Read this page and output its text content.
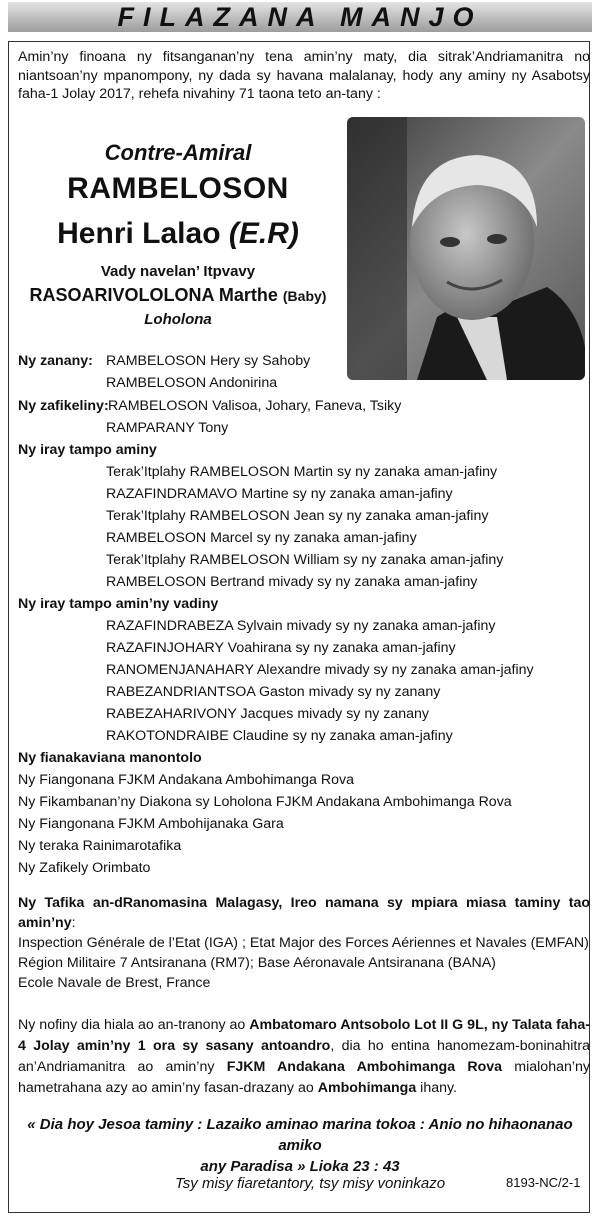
FILAZANA MANJO
Amin’ny finoana ny fitsanganan’ny tena amin’ny maty, dia sitrak’Andriamanitra no niantsoan’ny mpanompony, ny dada sy havana malalanay, hody any aminy ny Asabotsy faha-1 Jolay 2017, rehefa nivahiny 71 taona teto an-tany :
Contre-Amiral
RAMBELOSON
Henri Lalao (E.R)
Vady navelan’ Itpvavy
RASOARIVOLOLONA Marthe (Baby)
Loholona
Ny zanany: RAMBELOSON Hery sy Sahoby
RAMBELOSON Andonirina
Ny zafikeliny: RAMBELOSON Valisoa, Johary, Faneva, Tsiky
RAMPARANY Tony
Ny iray tampo aminy
Terak’Itplahy RAMBELOSON Martin sy ny zanaka aman-jafiny
RAZAFINDRAMAVO Martine sy ny zanaka aman-jafiny
Terak’Itplahy RAMBELOSON Jean sy ny zanaka aman-jafiny
RAMBELOSON Marcel sy ny zanaka aman-jafiny
Terak’Itplahy RAMBELOSON William sy ny zanaka aman-jafiny
RAMBELOSON Bertrand mivady sy ny zanaka aman-jafiny
Ny iray tampo amin’ny vadiny
RAZAFINDRABEZA Sylvain mivady sy ny zanaka aman-jafiny
RAZAFINJOHARY Voahirana sy ny zanaka aman-jafiny
RANOMENJANAHARY Alexandre mivady sy ny zanaka aman-jafiny
RABEZANDRIANTSOA Gaston mivady sy ny zanany
RABEZAHARIVONY Jacques mivady sy ny zanany
RAKOTONDRAIBE Claudine sy ny zanaka aman-jafiny
Ny fianakaviana manontolo
Ny Fiangonana FJKM Andakana Ambohimanga Rova
Ny Fikambanan’ny Diakona sy Loholona FJKM Andakana Ambohimanga Rova
Ny Fiangonana FJKM Ambohijanaka Gara
Ny teraka Rainimarotafika
Ny Zafikely Orimbato
Ny Tafika an-dRanomasina Malagasy, Ireo namana sy mpiara miasa taminy tao amin’ny:
Inspection Générale de l’Etat (IGA) ; Etat Major des Forces Aériennes et Navales (EMFAN)
Région Militaire 7 Antsiranana (RM7); Base Aéronavale Antsiranana (BANA)
Ecole Navale de Brest, France
Ny nofiny dia hiala ao an-tranony ao Ambatomaro Antsobolo Lot II G 9L, ny Talata faha-4 Jolay amin’ny 1 ora sy sasany antoandro, dia ho entina hanomezam-boninahitra an’Andriamanitra ao amin’ny FJKM Andakana Ambohimanga Rova mialohan’ny hametrahana azy ao amin’ny fasan-drazany ao Ambohimanga ihany.
« Dia hoy Jesoa taminy : Lazaiko aminao marina tokoa : Anio no hihaonanao amiko
any Paradisa » Lioka 23 : 43
Tsy misy fiaretantory, tsy misy voninkazo	8193-NC/2-1
